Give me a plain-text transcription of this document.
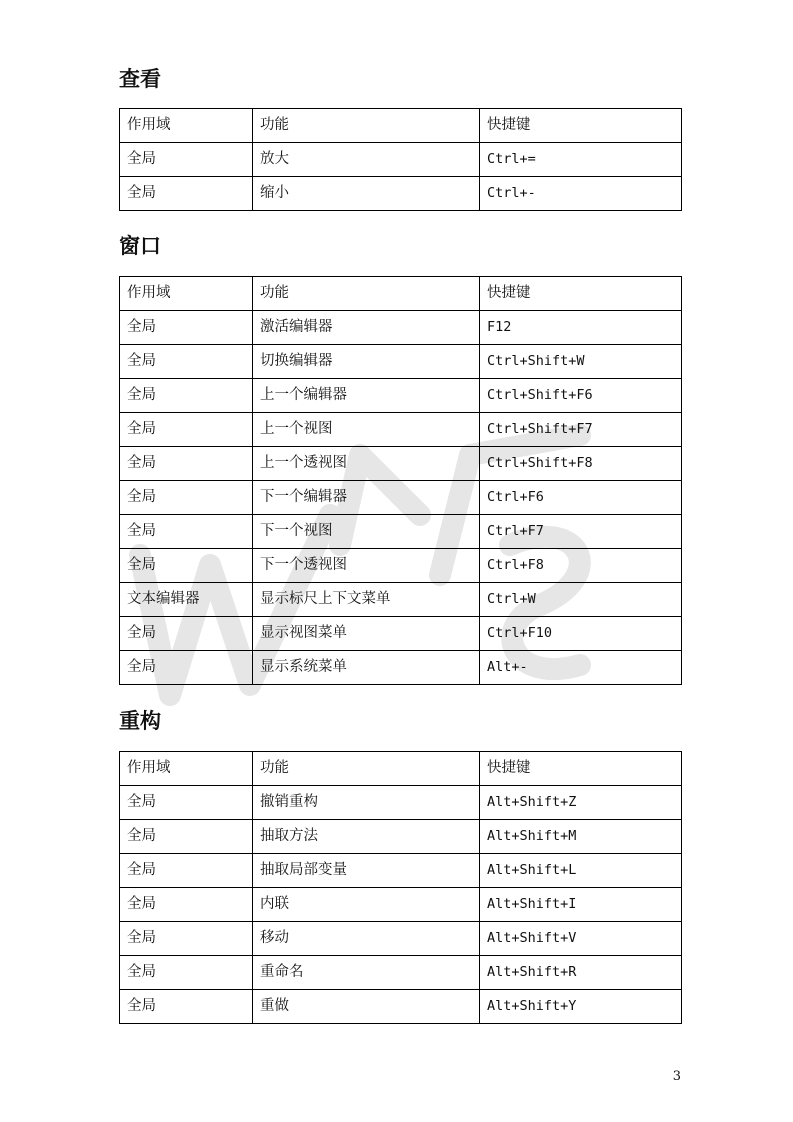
查看
窗口
重构
作用域	功能	快捷键
全局	放大	Ctrl+=
全局	缩小	Ctrl+-
作用域	功能	快捷键
全局	激活编辑器	F12
全局	切换编辑器	Ctrl+Shift+W
全局	上一个编辑器	Ctrl+Shift+F6
全局	上一个视图	Ctrl+Shift+F7
全局	上一个透视图	Ctrl+Shift+F8
全局	下一个编辑器	Ctrl+F6
全局	下一个视图	Ctrl+F7
全局	下一个透视图	Ctrl+F8
文本编辑器	显示标尺上下文菜单	Ctrl+W
全局	显示视图菜单	Ctrl+F10
全局	显示系统菜单	Alt+-
作用域	功能	快捷键
全局	撤销重构	Alt+Shift+Z
全局	抽取方法	Alt+Shift+M
全局	抽取局部变量	Alt+Shift+L
全局	内联	Alt+Shift+I
全局	移动	Alt+Shift+V
全局	重命名	Alt+Shift+R
全局	重做	Alt+Shift+Y
3
